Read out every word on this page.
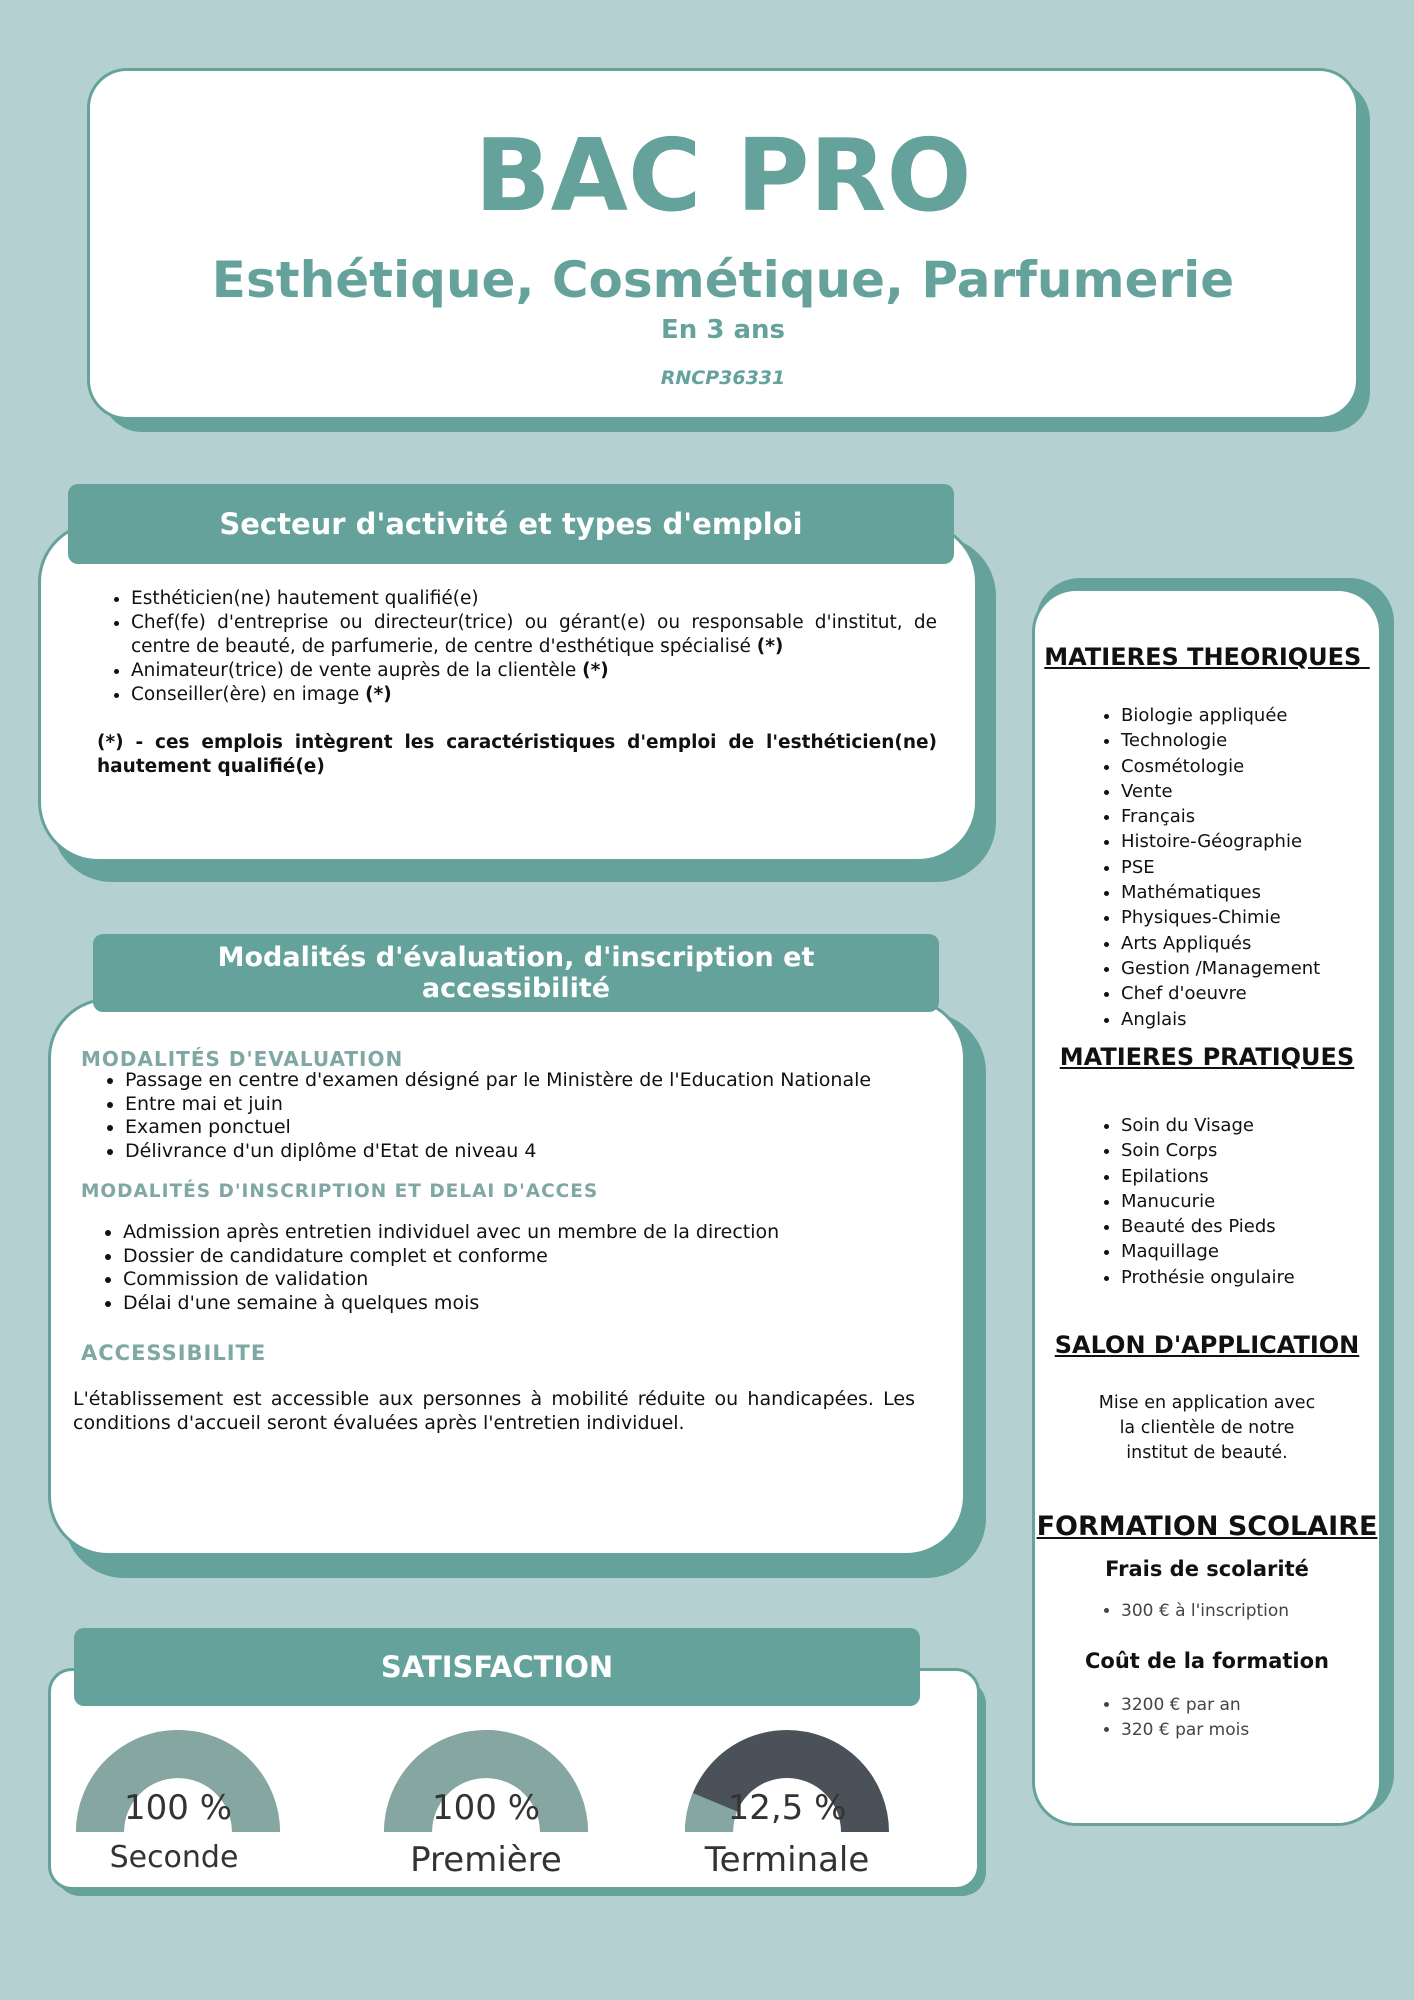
BAC PRO
Esthétique, Cosmétique, Parfumerie
En 3 ans
RNCP36331
• Esthéticien(ne) hautement qualifié(e)
• Chef(fe) d'entreprise ou directeur(trice) ou gérant(e) ou responsable d'institut, de centre de beauté, de parfumerie, de centre d'esthétique spécialisé (*)
• Animateur(trice) de vente auprès de la clientèle (*)
• Conseiller(ère) en image (*)
(*) - ces emplois intègrent les caractéristiques d'emploi de l'esthéticien(ne) hautement qualifié(e)
Secteur d'activité et types d'emploi
MODALITÉS D'EVALUATION
• Passage en centre d'examen désigné par le Ministère de l'Education Nationale
• Entre mai et juin
• Examen ponctuel
• Délivrance d'un diplôme d'Etat de niveau 4
MODALITÉS D'INSCRIPTION ET DELAI D'ACCES
• Admission après entretien individuel avec un membre de la direction
• Dossier de candidature complet et conforme
• Commission de validation
• Délai d'une semaine à quelques mois
ACCESSIBILITE
L'établissement est accessible aux personnes à mobilité réduite ou handicapées. Les conditions d'accueil seront évaluées après l'entretien individuel.
Modalités d'évaluation, d'inscription et accessibilité
SATISFACTION
100 %
Seconde
100 %
Première
12,5 %
Terminale
MATIERES THEORIQUES
• Biologie appliquée
• Technologie
• Cosmétologie
• Vente
• Français
• Histoire-Géographie
• PSE
• Mathématiques
• Physiques-Chimie
• Arts Appliqués
• Gestion /Management
• Chef d'oeuvre
• Anglais
MATIERES PRATIQUES
• Soin du Visage
• Soin Corps
• Epilations
• Manucurie
• Beauté des Pieds
• Maquillage
• Prothésie ongulaire
SALON D'APPLICATION
Mise en application avec la clientèle de notre institut de beauté.
FORMATION SCOLAIRE
Frais de scolarité
• 300 € à l'inscription
Coût de la formation
• 3200 € par an
• 320 € par mois
